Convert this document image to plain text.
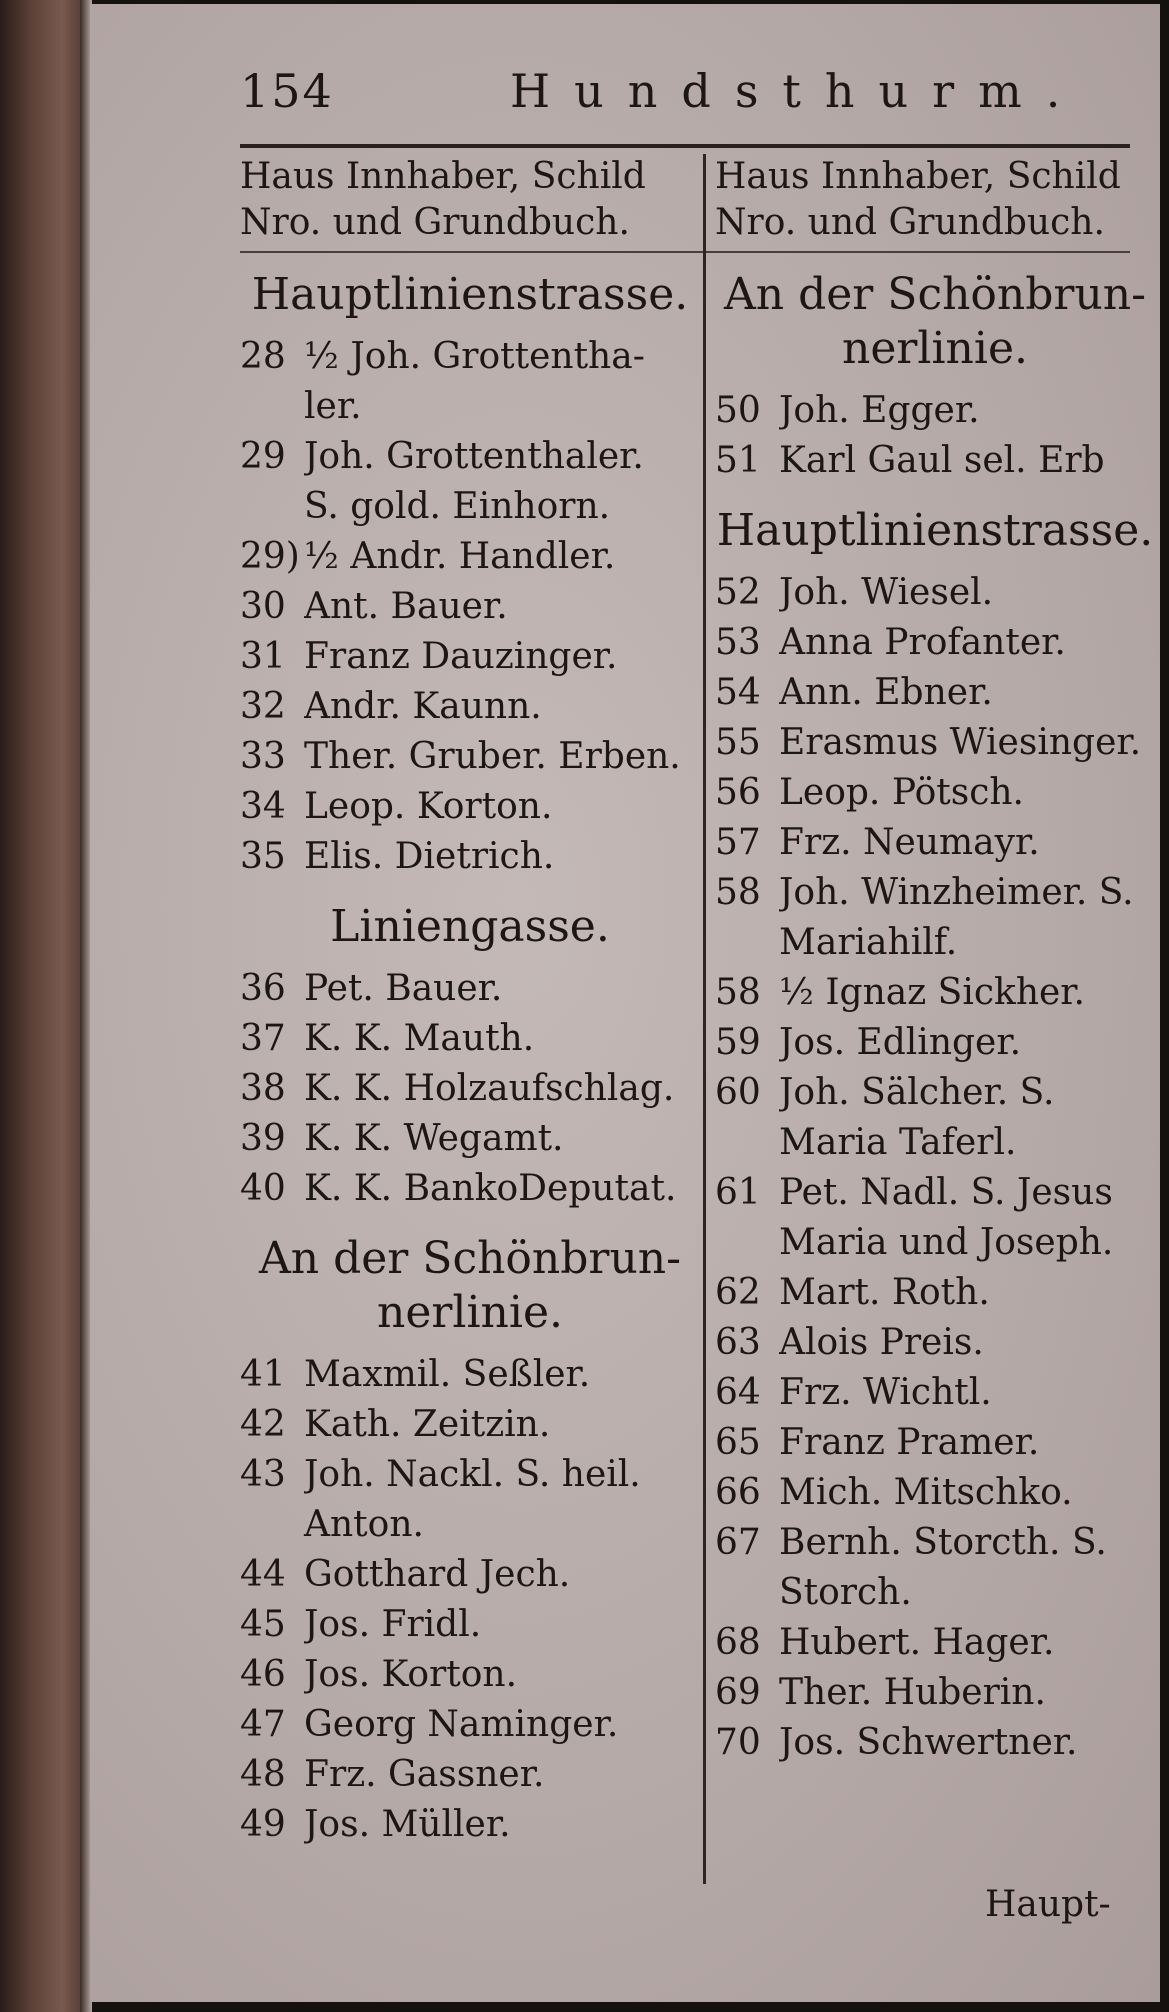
154	Hundsthurm.
Haus Innhaber, Schild
Nro. und Grundbuch.
Hauptlinienstrasse.
28 ½ Joh. Grottentha-
ler.
29 Joh. Grottenthaler.
S. gold. Einhorn.
29) ½ Andr. Handler.
30 Ant. Bauer.
31 Franz Dauzinger.
32 Andr. Kaunn.
33 Ther. Gruber. Erben.
34 Leop. Korton.
35 Elis. Dietrich.
Liniengasse.
36 Pet. Bauer.
37 K. K. Mauth.
38 K. K. Holzaufschlag.
39 K. K. Wegamt.
40 K. K. BankoDeputat.
An der Schönbrun-
nerlinie.
41 Maxmil. Seßler.
42 Kath. Zeitzin.
43 Joh. Nackl. S. heil.
Anton.
44 Gotthard Jech.
45 Jos. Fridl.
46 Jos. Korton.
47 Georg Naminger.
48 Frz. Gassner.
49 Jos. Müller.
Haus Innhaber, Schild
Nro. und Grundbuch.
An der Schönbrun-
nerlinie.
50 Joh. Egger.
51 Karl Gaul sel. Erb
Hauptlinienstrasse.
52 Joh. Wiesel.
53 Anna Profanter.
54 Ann. Ebner.
55 Erasmus Wiesinger.
56 Leop. Pötsch.
57 Frz. Neumayr.
58 Joh. Winzheimer. S.
Mariahilf.
58 ½ Ignaz Sickher.
59 Jos. Edlinger.
60 Joh. Sälcher. S.
Maria Taferl.
61 Pet. Nadl. S. Jesus
Maria und Joseph.
62 Mart. Roth.
63 Alois Preis.
64 Frz. Wichtl.
65 Franz Pramer.
66 Mich. Mitschko.
67 Bernh. Storcth. S.
Storch.
68 Hubert. Hager.
69 Ther. Huberin.
70 Jos. Schwertner.
Haupt-
